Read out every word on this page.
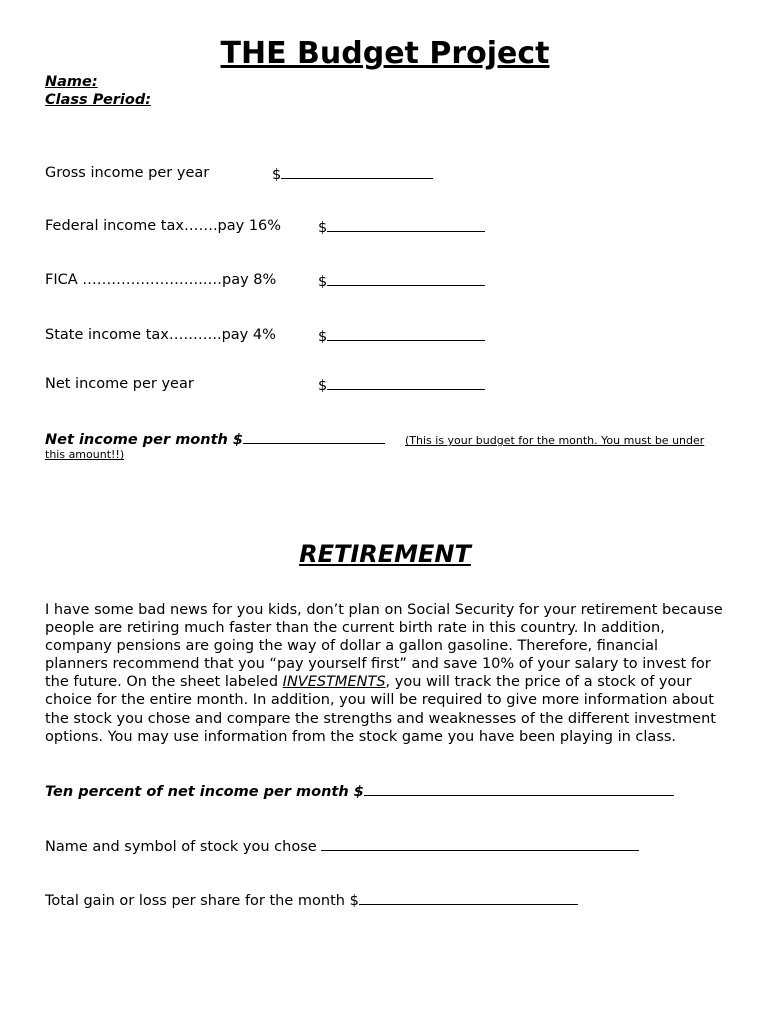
THE Budget Project
Name:
Class Period:
Gross income per year	$
Federal income tax…….pay 16%	$
FICA ……………………..…pay 8%	$
State income tax………..pay 4%	$
Net income per year	$
Net income per month $	(This is your budget for the month. You must be under
this amount!!)
RETIREMENT
I have some bad news for you kids, don’t plan on Social Security for your retirement because people are retiring much faster than the current birth rate in this country. In addition, company pensions are going the way of dollar a gallon gasoline. Therefore, financial planners recommend that you “pay yourself first” and save 10% of your salary to invest for the future. On the sheet labeled INVESTMENTS, you will track the price of a stock of your choice for the entire month. In addition, you will be required to give more information about the stock you chose and compare the strengths and weaknesses of the different investment options. You may use information from the stock game you have been playing in class.
Ten percent of net income per month $
Name and symbol of stock you chose
Total gain or loss per share for the month $
